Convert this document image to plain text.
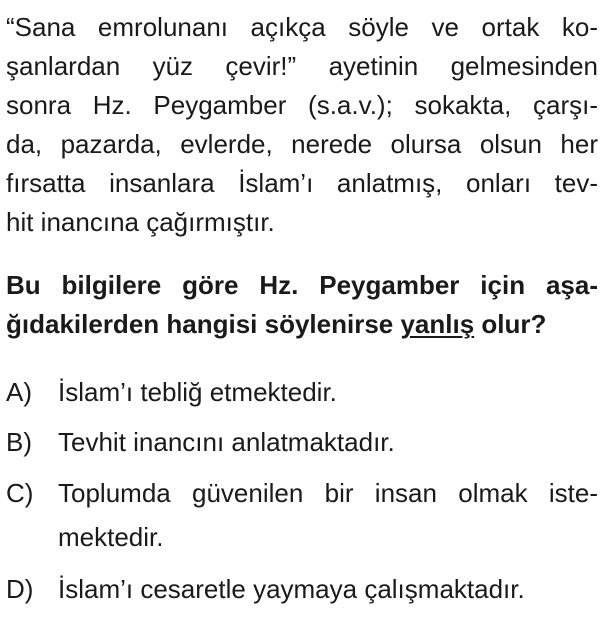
“Sana emrolunanı açıkça söyle ve ortak ko-
şanlardan yüz çevir!” ayetinin gelmesinden
sonra Hz. Peygamber (s.a.v.); sokakta, çarşı-
da, pazarda, evlerde, nerede olursa olsun her
fırsatta insanlara İslam’ı anlatmış, onları tev-
hit inancına çağırmıştır.
Bu bilgilere göre Hz. Peygamber için aşa-
ğıdakilerden hangisi söylenirse yanlış olur?
A) İslam’ı tebliğ etmektedir.
B) Tevhit inancını anlatmaktadır.
C) Toplumda güvenilen bir insan olmak iste-
mektedir.
D) İslam’ı cesaretle yaymaya çalışmaktadır.
